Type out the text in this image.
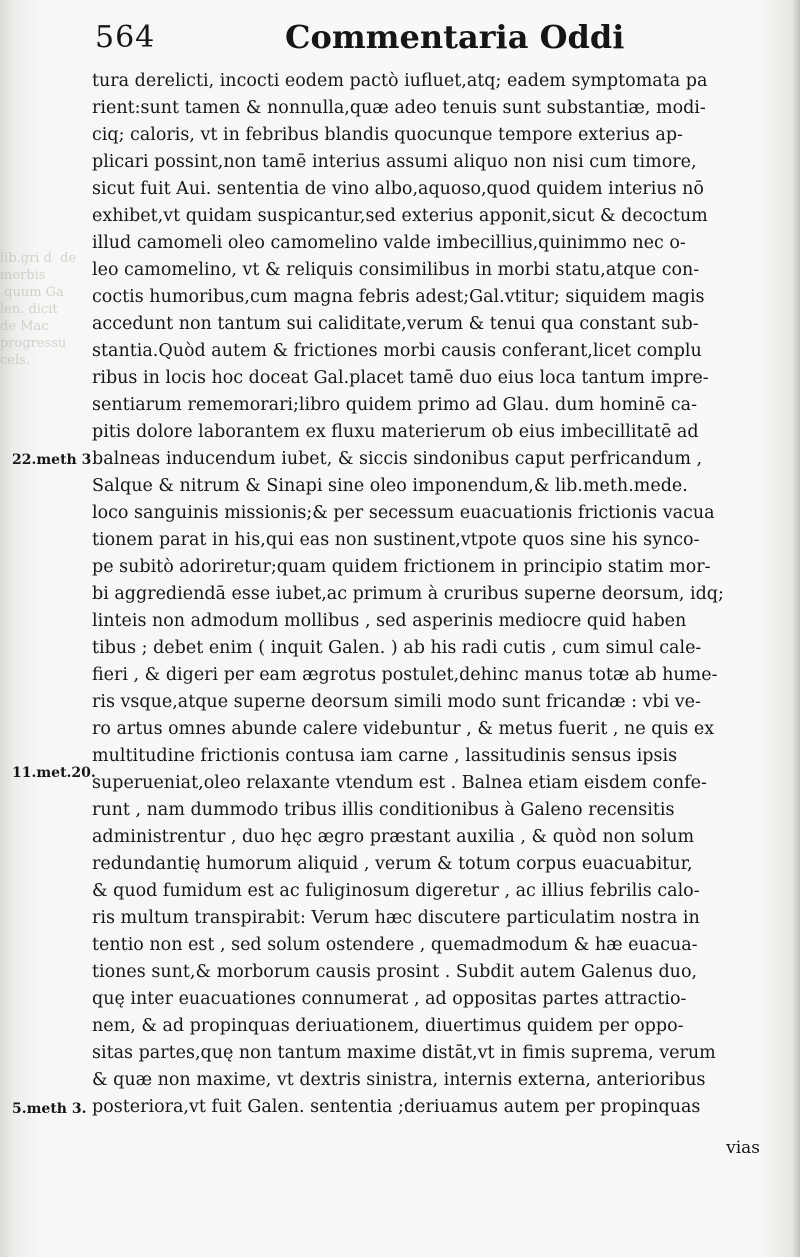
lib.gri d  de
morbis
quum Ga
len. dicit
de Mac
progressu
cels.
564	Commentaria Oddi
22.meth 3
11.met.20.
5.meth 3.
tura derelicti, incocti eodem pactò iufluet,atq; eadem symptomata pa
rient:sunt tamen & nonnulla,quæ adeo tenuis sunt substantiæ, modi-
ciq; caloris, vt in febribus blandis quocunque tempore exterius ap-
plicari possint,non tamē interius assumi aliquo non nisi cum timore,
sicut fuit Aui. sententia de vino albo,aquoso,quod quidem interius nō
exhibet,vt quidam suspicantur,sed exterius apponit,sicut & decoctum
illud camomeli oleo camomelino valde imbecillius,quinimmo nec o-
leo camomelino, vt & reliquis consimilibus in morbi statu,atque con-
coctis humoribus,cum magna febris adest;Gal.vtitur; siquidem magis
accedunt non tantum sui caliditate,verum & tenui qua constant sub-
stantia.Quòd autem & frictiones morbi causis conferant,licet complu
ribus in locis hoc doceat Gal.placet tamē duo eius loca tantum impre-
sentiarum rememorari;libro quidem primo ad Glau. dum hominē ca-
pitis dolore laborantem ex fluxu materierum ob eius imbecillitatē ad
balneas inducendum iubet, & siccis sindonibus caput perfricandum ,
Salque & nitrum & Sinapi sine oleo imponendum,& lib.meth.mede.
loco sanguinis missionis;& per secessum euacuationis frictionis vacua
tionem parat in his,qui eas non sustinent,vtpote quos sine his synco-
pe subitò adoriretur;quam quidem frictionem in principio statim mor-
bi aggrediendā esse iubet,ac primum à cruribus superne deorsum, idq;
linteis non admodum mollibus , sed asperinis mediocre quid haben
tibus ; debet enim ( inquit Galen. ) ab his radi cutis , cum simul cale-
fieri , & digeri per eam ægrotus postulet,dehinc manus totæ ab hume-
ris vsque,atque superne deorsum simili modo sunt fricandæ : vbi ve-
ro artus omnes abunde calere videbuntur , & metus fuerit , ne quis ex
multitudine frictionis contusa iam carne , lassitudinis sensus ipsis
superueniat,oleo relaxante vtendum est . Balnea etiam eisdem confe-
runt , nam dummodo tribus illis conditionibus à Galeno recensitis
administrentur , duo hęc ægro præstant auxilia , & quòd non solum
redundantię humorum aliquid , verum & totum corpus euacuabitur,
& quod fumidum est ac fuliginosum digeretur , ac illius febrilis calo-
ris multum transpirabit: Verum hæc discutere particulatim nostra in
tentio non est , sed solum ostendere , quemadmodum & hæ euacua-
tiones sunt,& morborum causis prosint . Subdit autem Galenus duo,
quę inter euacuationes connumerat , ad oppositas partes attractio-
nem, & ad propinquas deriuationem, diuertimus quidem per oppo-
sitas partes,quę non tantum maxime distāt,vt in fimis suprema, verum
& quæ non maxime, vt dextris sinistra, internis externa, anterioribus
posteriora,vt fuit Galen. sententia ;deriuamus autem per propinquas
vias
